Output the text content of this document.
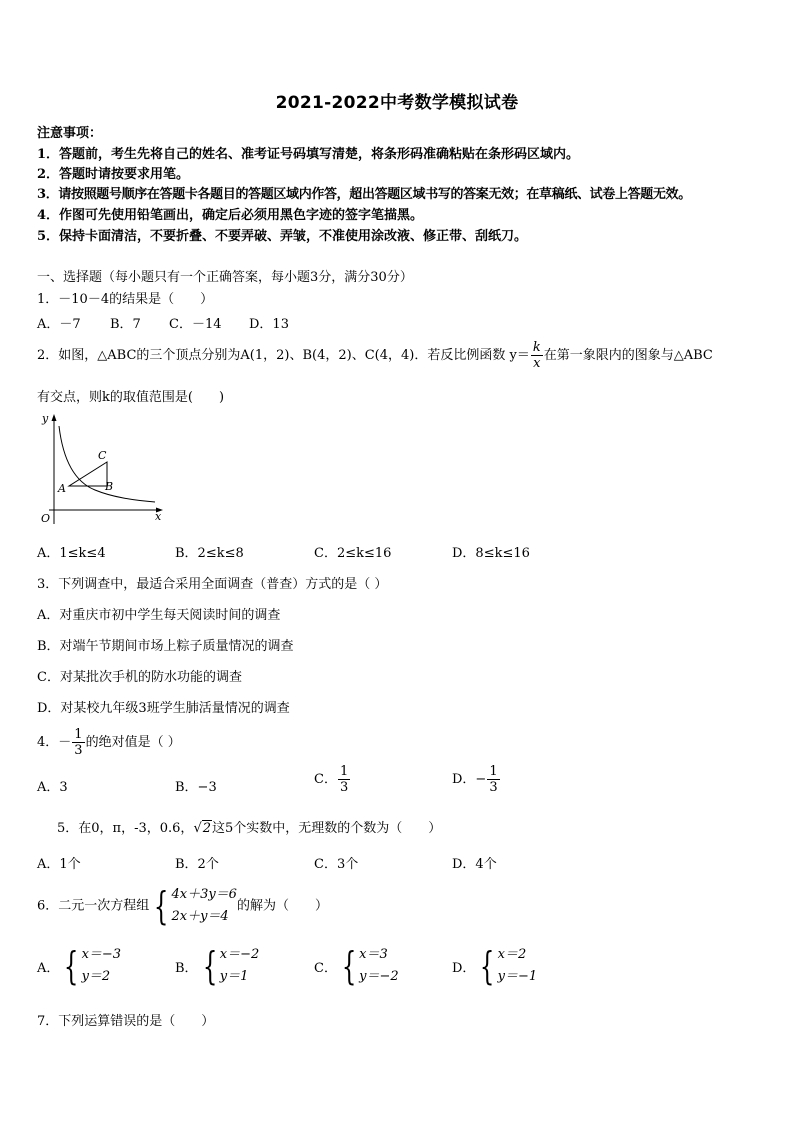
2021-2022中考数学模拟试卷
注意事项：
1．答题前，考生先将自己的姓名、准考证号码填写清楚，将条形码准确粘贴在条形码区域内。
2．答题时请按要求用笔。
3．请按照题号顺序在答题卡各题目的答题区域内作答，超出答题区域书写的答案无效；在草稿纸、试卷上答题无效。
4．作图可先使用铅笔画出，确定后必须用黑色字迹的签字笔描黑。
5．保持卡面清洁，不要折叠、不要弄破、弄皱，不准使用涂改液、修正带、刮纸刀。
一、选择题（每小题只有一个正确答案，每小题3分，满分30分）
1．－10－4的结果是（　　）
A．－7 B．7 C．－14 D．13
2．如图，△ABC的三个顶点分别为A(1，2)、B(4，2)、C(4，4)．若反比例函数 $y= \frac{k}{x}$ 在第一象限内的图象与△ABC
有交点，则k的取值范围是(　　)
y
x
O
A	B
C
A．1≤k≤4	B．2≤k≤8	C．2≤k≤16	D．8≤k≤16
3．下列调查中，最适合采用全面调查（普查）方式的是（ ）
A．对重庆市初中学生每天阅读时间的调查
B．对端午节期间市场上粽子质量情况的调查
C．对某批次手机的防水功能的调查
D．对某校九年级3班学生肺活量情况的调查
4．－ $\frac{1}{3}$ 的绝对值是（ ）
A．3	B．−3
C． $\frac{1}{3}$	D．− $\frac{1}{3}$
5．在0，π，-3，0.6，√2这5个实数中，无理数的个数为（　　）
A．1个	B．2个	C．3个	D．4个
6．二元一次方程组 { 4x＋3y＝6
2x＋y＝4
的解为（　　）
A． { x＝−3
y＝2
B． { x＝−2
y＝1
C． { x＝3
y＝−2
D． { x＝2
y＝−1
7．下列运算错误的是（　　）
